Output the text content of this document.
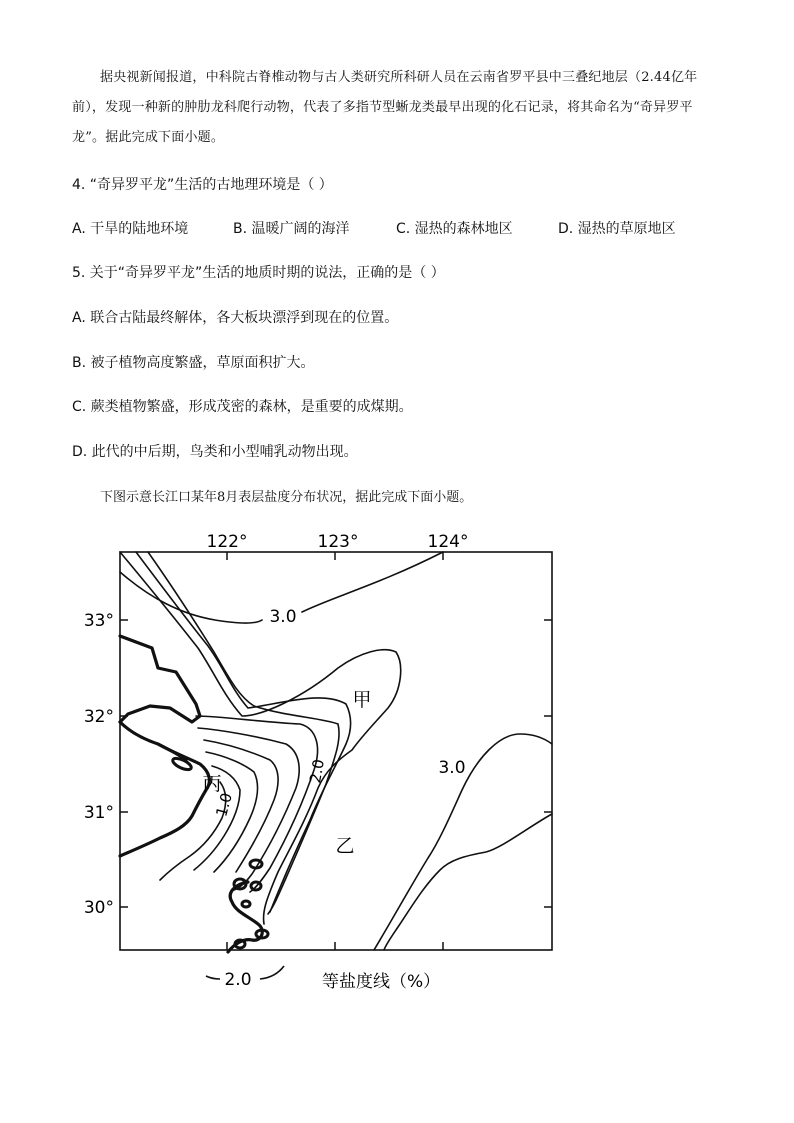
据央视新闻报道，中科院古脊椎动物与古人类研究所科研人员在云南省罗平县中三叠纪地层（2.44亿年前），发现一种新的肿肋龙科爬行动物，代表了多指节型蜥龙类最早出现的化石记录，将其命名为“奇异罗平龙”。据此完成下面小题。
4. “奇异罗平龙”生活的古地理环境是（ ）
A. 干旱的陆地环境	B. 温暖广阔的海洋	C. 湿热的森林地区	D. 湿热的草原地区
5. 关于“奇异罗平龙”生活的地质时期的说法，正确的是（ ）
A. 联合古陆最终解体，各大板块漂浮到现在的位置。
B. 被子植物高度繁盛，草原面积扩大。
C. 蕨类植物繁盛，形成茂密的森林，是重要的成煤期。
D. 此代的中后期，鸟类和小型哺乳动物出现。
下图示意长江口某年8月表层盐度分布状况，据此完成下面小题。
122°	123°	124°
33°
32°
31°
30°
3.0
3.0
2.0
1.0
甲
乙
丙
2.0	等盐度线（%）
